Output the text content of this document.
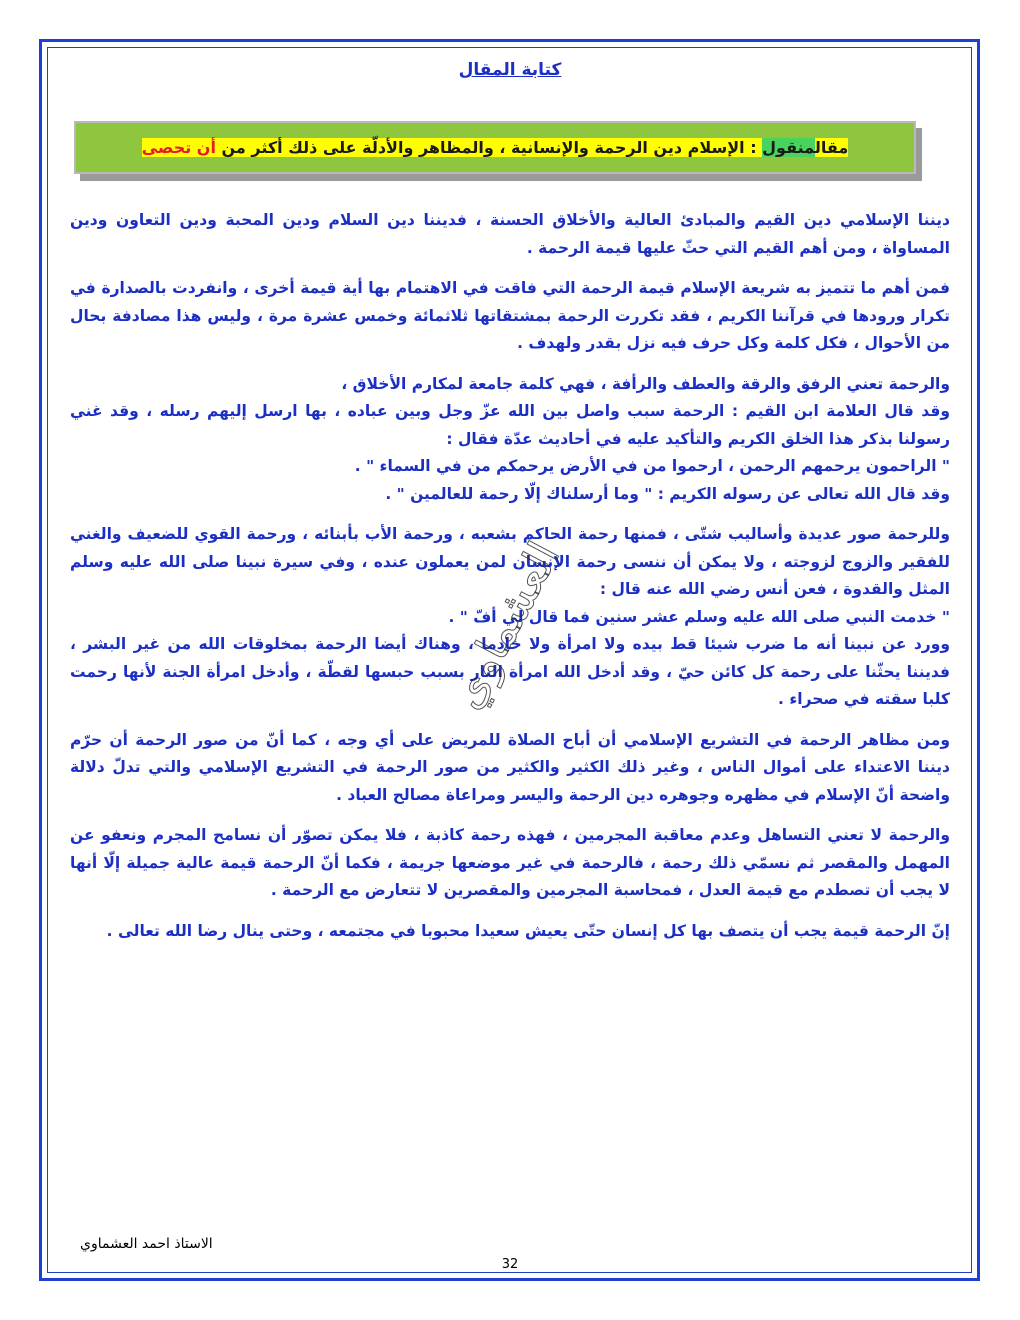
كتابة المقال
مقالمنقول : الإسلام دين الرحمة والإنسانية ، والمظاهر والأدلّة على ذلك أكثر من أن تحصى

ديننا الإسلامي دين القيم والمبادئ العالية والأخلاق الحسنة ، فديننا دين السلام ودين المحبة ودين التعاون ودين المساواة ، ومن أهم القيم التي حثّ عليها قيمة الرحمة .

فمن أهم ما تتميز به شريعة الإسلام قيمة الرحمة التي فاقت في الاهتمام بها أية قيمة أخرى ، وانفردت بالصدارة في تكرار ورودها في قرآننا الكريم ، فقد تكررت الرحمة بمشتقاتها ثلاثمائة وخمس عشرة مرة ، وليس هذا مصادفة بحال من الأحوال ، فكل كلمة وكل حرف فيه نزل بقدر ولهدف .

والرحمة تعني الرفق والرقة والعطف والرأفة ، فهي كلمة جامعة لمكارم الأخلاق ،

وقد قال العلامة ابن القيم : الرحمة سبب واصل بين الله عزّ وجل وبين عباده ، بها ارسل إليهم رسله ، وقد غني رسولنا بذكر هذا الخلق الكريم والتأكيد عليه في أحاديث عدّة فقال :

" الراحمون يرحمهم الرحمن ، ارحموا من في الأرض يرحمكم من في السماء " .

وقد قال الله تعالى عن رسوله الكريم : " وما أرسلناك إلّا رحمة للعالمين " .

وللرحمة صور عديدة وأساليب شتّى ، فمنها رحمة الحاكم بشعبه ، ورحمة الأب بأبنائه ، ورحمة القوي للضعيف والغني للفقير والزوج لزوجته ، ولا يمكن أن ننسى رحمة الإنسان لمن يعملون عنده ، وفي سيرة نبينا صلى الله عليه وسلم المثل والقدوة ، فعن أنس رضي الله عنه قال :

" خدمت النبي صلى الله عليه وسلم عشر سنين فما قال لي أفّ " .

وورد عن نبينا أنه ما ضرب شيئا قط بيده ولا امرأة ولا خادما ، وهناك أيضا الرحمة بمخلوقات الله من غير البشر ، فديننا يحثّنا على رحمة كل كائن حيّ ، وقد أدخل الله امرأة النار بسبب حبسها لقطّة ، وأدخل امرأة الجنة لأنها رحمت كلبا سقته في صحراء .

ومن مظاهر الرحمة في التشريع الإسلامي أن أباح الصلاة للمريض على أي وجه ، كما أنّ من صور الرحمة أن حرّم ديننا الاعتداء على أموال الناس ، وغير ذلك الكثير والكثير من صور الرحمة في التشريع الإسلامي والتي تدلّ دلالة واضحة أنّ الإسلام في مظهره وجوهره دين الرحمة واليسر ومراعاة مصالح العباد .

والرحمة لا تعني التساهل وعدم معاقبة المجرمين ، فهذه رحمة كاذبة ، فلا يمكن تصوّر أن نسامح المجرم ونعفو عن المهمل والمقصر ثم نسمّي ذلك رحمة ، فالرحمة في غير موضعها جريمة ، فكما أنّ الرحمة قيمة عالية جميلة إلّا أنها لا يجب أن تصطدم مع قيمة العدل ، فمحاسبة المجرمين والمقصرين لا تتعارض مع الرحمة .

إنّ الرحمة قيمة يجب أن يتصف بها كل إنسان حتّى يعيش سعيدا محبوبا في مجتمعه ، وحتى ينال رضا الله تعالى .

العشماوي
الاستاذ احمد العشماوي
32
